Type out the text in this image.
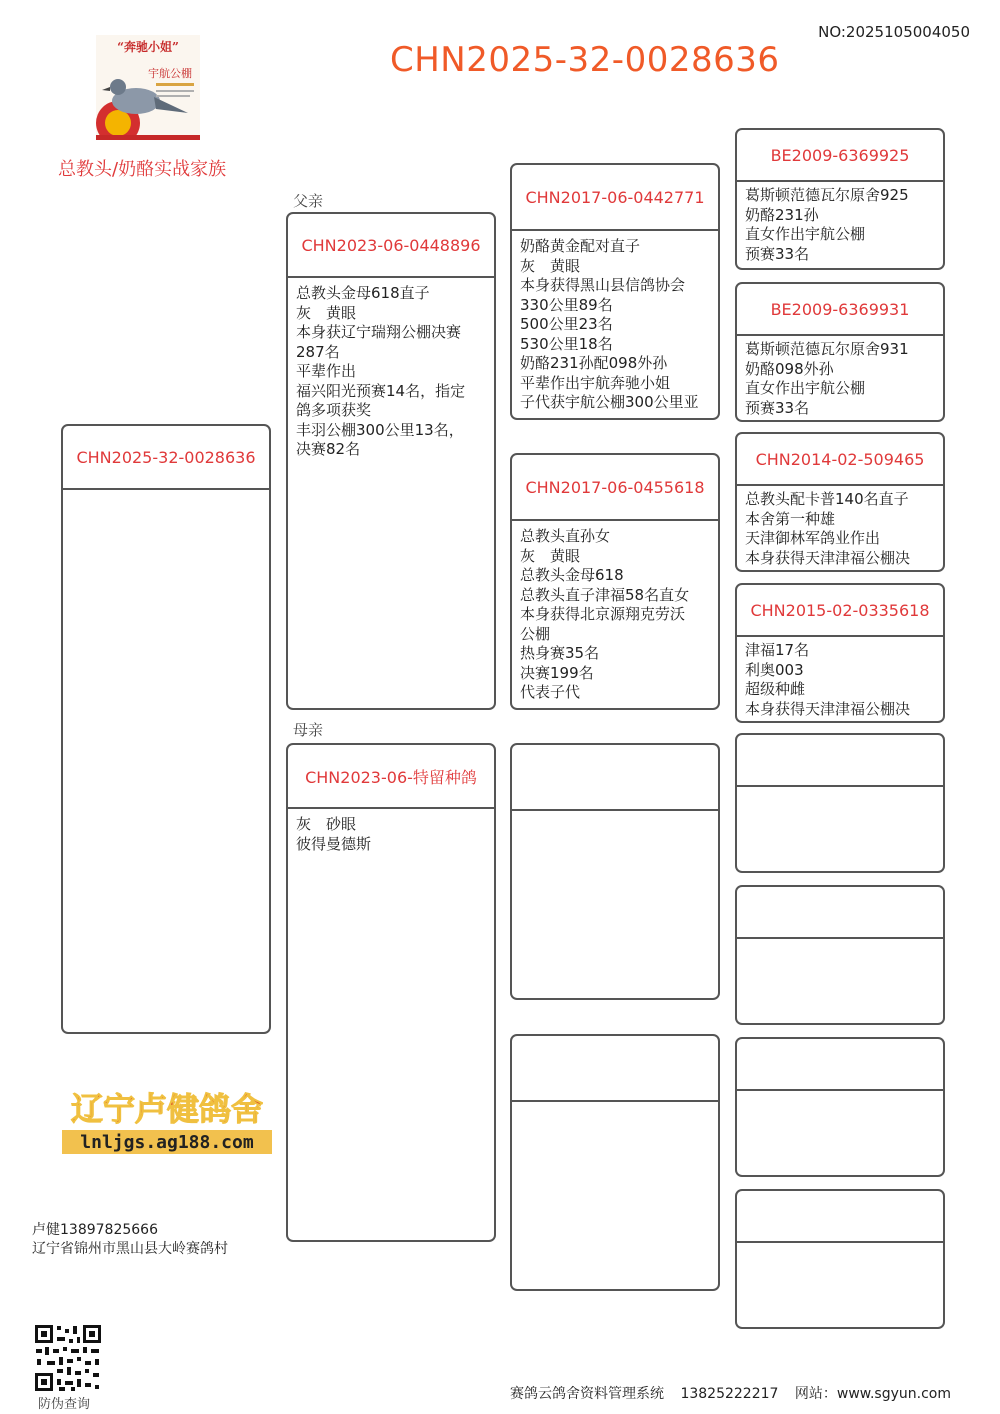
“奔驰小姐”
宇航公棚	CHN2025-32-0028636
NO:2025105004050
总教头/奶酪实战家族
父亲
母亲
CHN2025-32-0028636
CHN2023-06-0448896
总教头金母618直子
灰　黄眼
本身获辽宁瑞翔公棚决赛
287名
平辈作出
福兴阳光预赛14名，指定
鸽多项获奖
丰羽公棚300公里13名，
决赛82名
CHN2023-06-特留种鸽
灰　砂眼
彼得曼德斯
CHN2017-06-0442771
奶酪黄金配对直子
灰　黄眼
本身获得黑山县信鸽协会
330公里89名
500公里23名
530公里18名
奶酪231孙配098外孙
平辈作出宇航奔驰小姐
子代获宇航公棚300公里亚
CHN2017-06-0455618
总教头直孙女
灰　黄眼
总教头金母618
总教头直子津福58名直女
本身获得北京源翔克劳沃
公棚
热身赛35名
决赛199名
代表子代
BE2009-6369925
葛斯顿范德瓦尔原舍925
奶酪231孙
直女作出宇航公棚
预赛33名
BE2009-6369931
葛斯顿范德瓦尔原舍931
奶酪098外孙
直女作出宇航公棚
预赛33名
CHN2014-02-509465
总教头配卡普140名直子
本舍第一种雄
天津御林军鸽业作出
本身获得天津津福公棚决
CHN2015-02-0335618
津福17名
利奥003
超级种雌
本身获得天津津福公棚决
辽宁卢健鸽舍
lnljgs.ag188.com
卢健13897825666
辽宁省锦州市黑山县大岭赛鸽村
防伪查询
赛鸽云鸽舍资料管理系统 13825222217 网站：www.sgyun.com
